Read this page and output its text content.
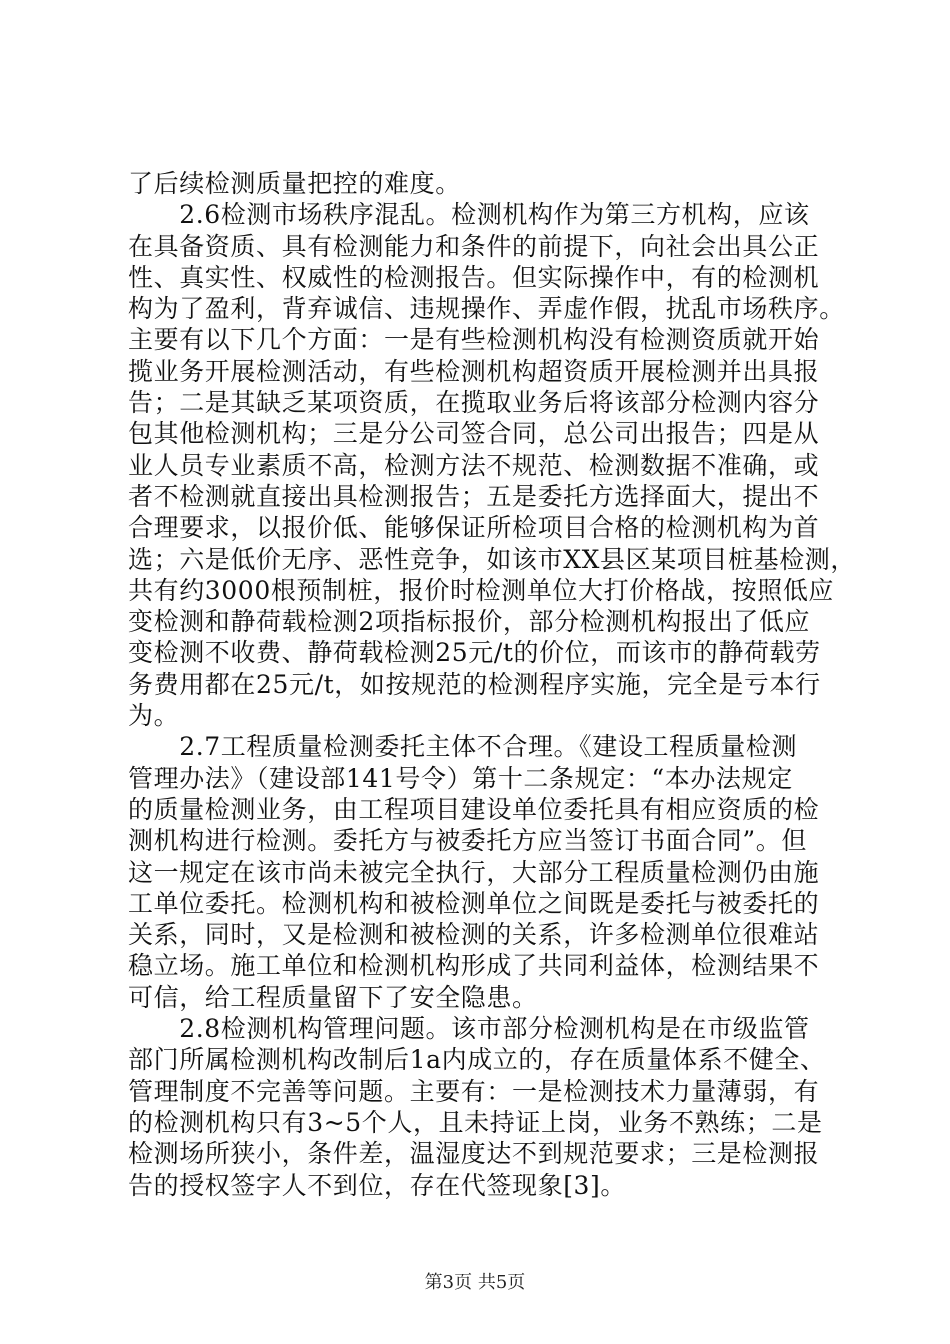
了后续检测质量把控的难度。
　　2.6检测市场秩序混乱。检测机构作为第三方机构，应该
在具备资质、具有检测能力和条件的前提下，向社会出具公正
性、真实性、权威性的检测报告。但实际操作中，有的检测机
构为了盈利，背弃诚信、违规操作、弄虚作假，扰乱市场秩序。
主要有以下几个方面：一是有些检测机构没有检测资质就开始
揽业务开展检测活动，有些检测机构超资质开展检测并出具报
告；二是其缺乏某项资质，在揽取业务后将该部分检测内容分
包其他检测机构；三是分公司签合同，总公司出报告；四是从
业人员专业素质不高，检测方法不规范、检测数据不准确，或
者不检测就直接出具检测报告；五是委托方选择面大，提出不
合理要求，以报价低、能够保证所检项目合格的检测机构为首
选；六是低价无序、恶性竞争，如该市XX县区某项目桩基检测，
共有约3000根预制桩，报价时检测单位大打价格战，按照低应
变检测和静荷载检测2项指标报价，部分检测机构报出了低应
变检测不收费、静荷载检测25元/t的价位，而该市的静荷载劳
务费用都在25元/t，如按规范的检测程序实施，完全是亏本行
为。
　　2.7工程质量检测委托主体不合理。《建设工程质量检测
管理办法》（建设部141号令）第十二条规定：“本办法规定
的质量检测业务，由工程项目建设单位委托具有相应资质的检
测机构进行检测。委托方与被委托方应当签订书面合同”。但
这一规定在该市尚未被完全执行，大部分工程质量检测仍由施
工单位委托。检测机构和被检测单位之间既是委托与被委托的
关系，同时，又是检测和被检测的关系，许多检测单位很难站
稳立场。施工单位和检测机构形成了共同利益体，检测结果不
可信，给工程质量留下了安全隐患。
　　2.8检测机构管理问题。该市部分检测机构是在市级监管
部门所属检测机构改制后1a内成立的，存在质量体系不健全、
管理制度不完善等问题。主要有：一是检测技术力量薄弱，有
的检测机构只有3~5个人，且未持证上岗，业务不熟练；二是
检测场所狭小，条件差，温湿度达不到规范要求；三是检测报
告的授权签字人不到位，存在代签现象[3]。
第3页 共5页
